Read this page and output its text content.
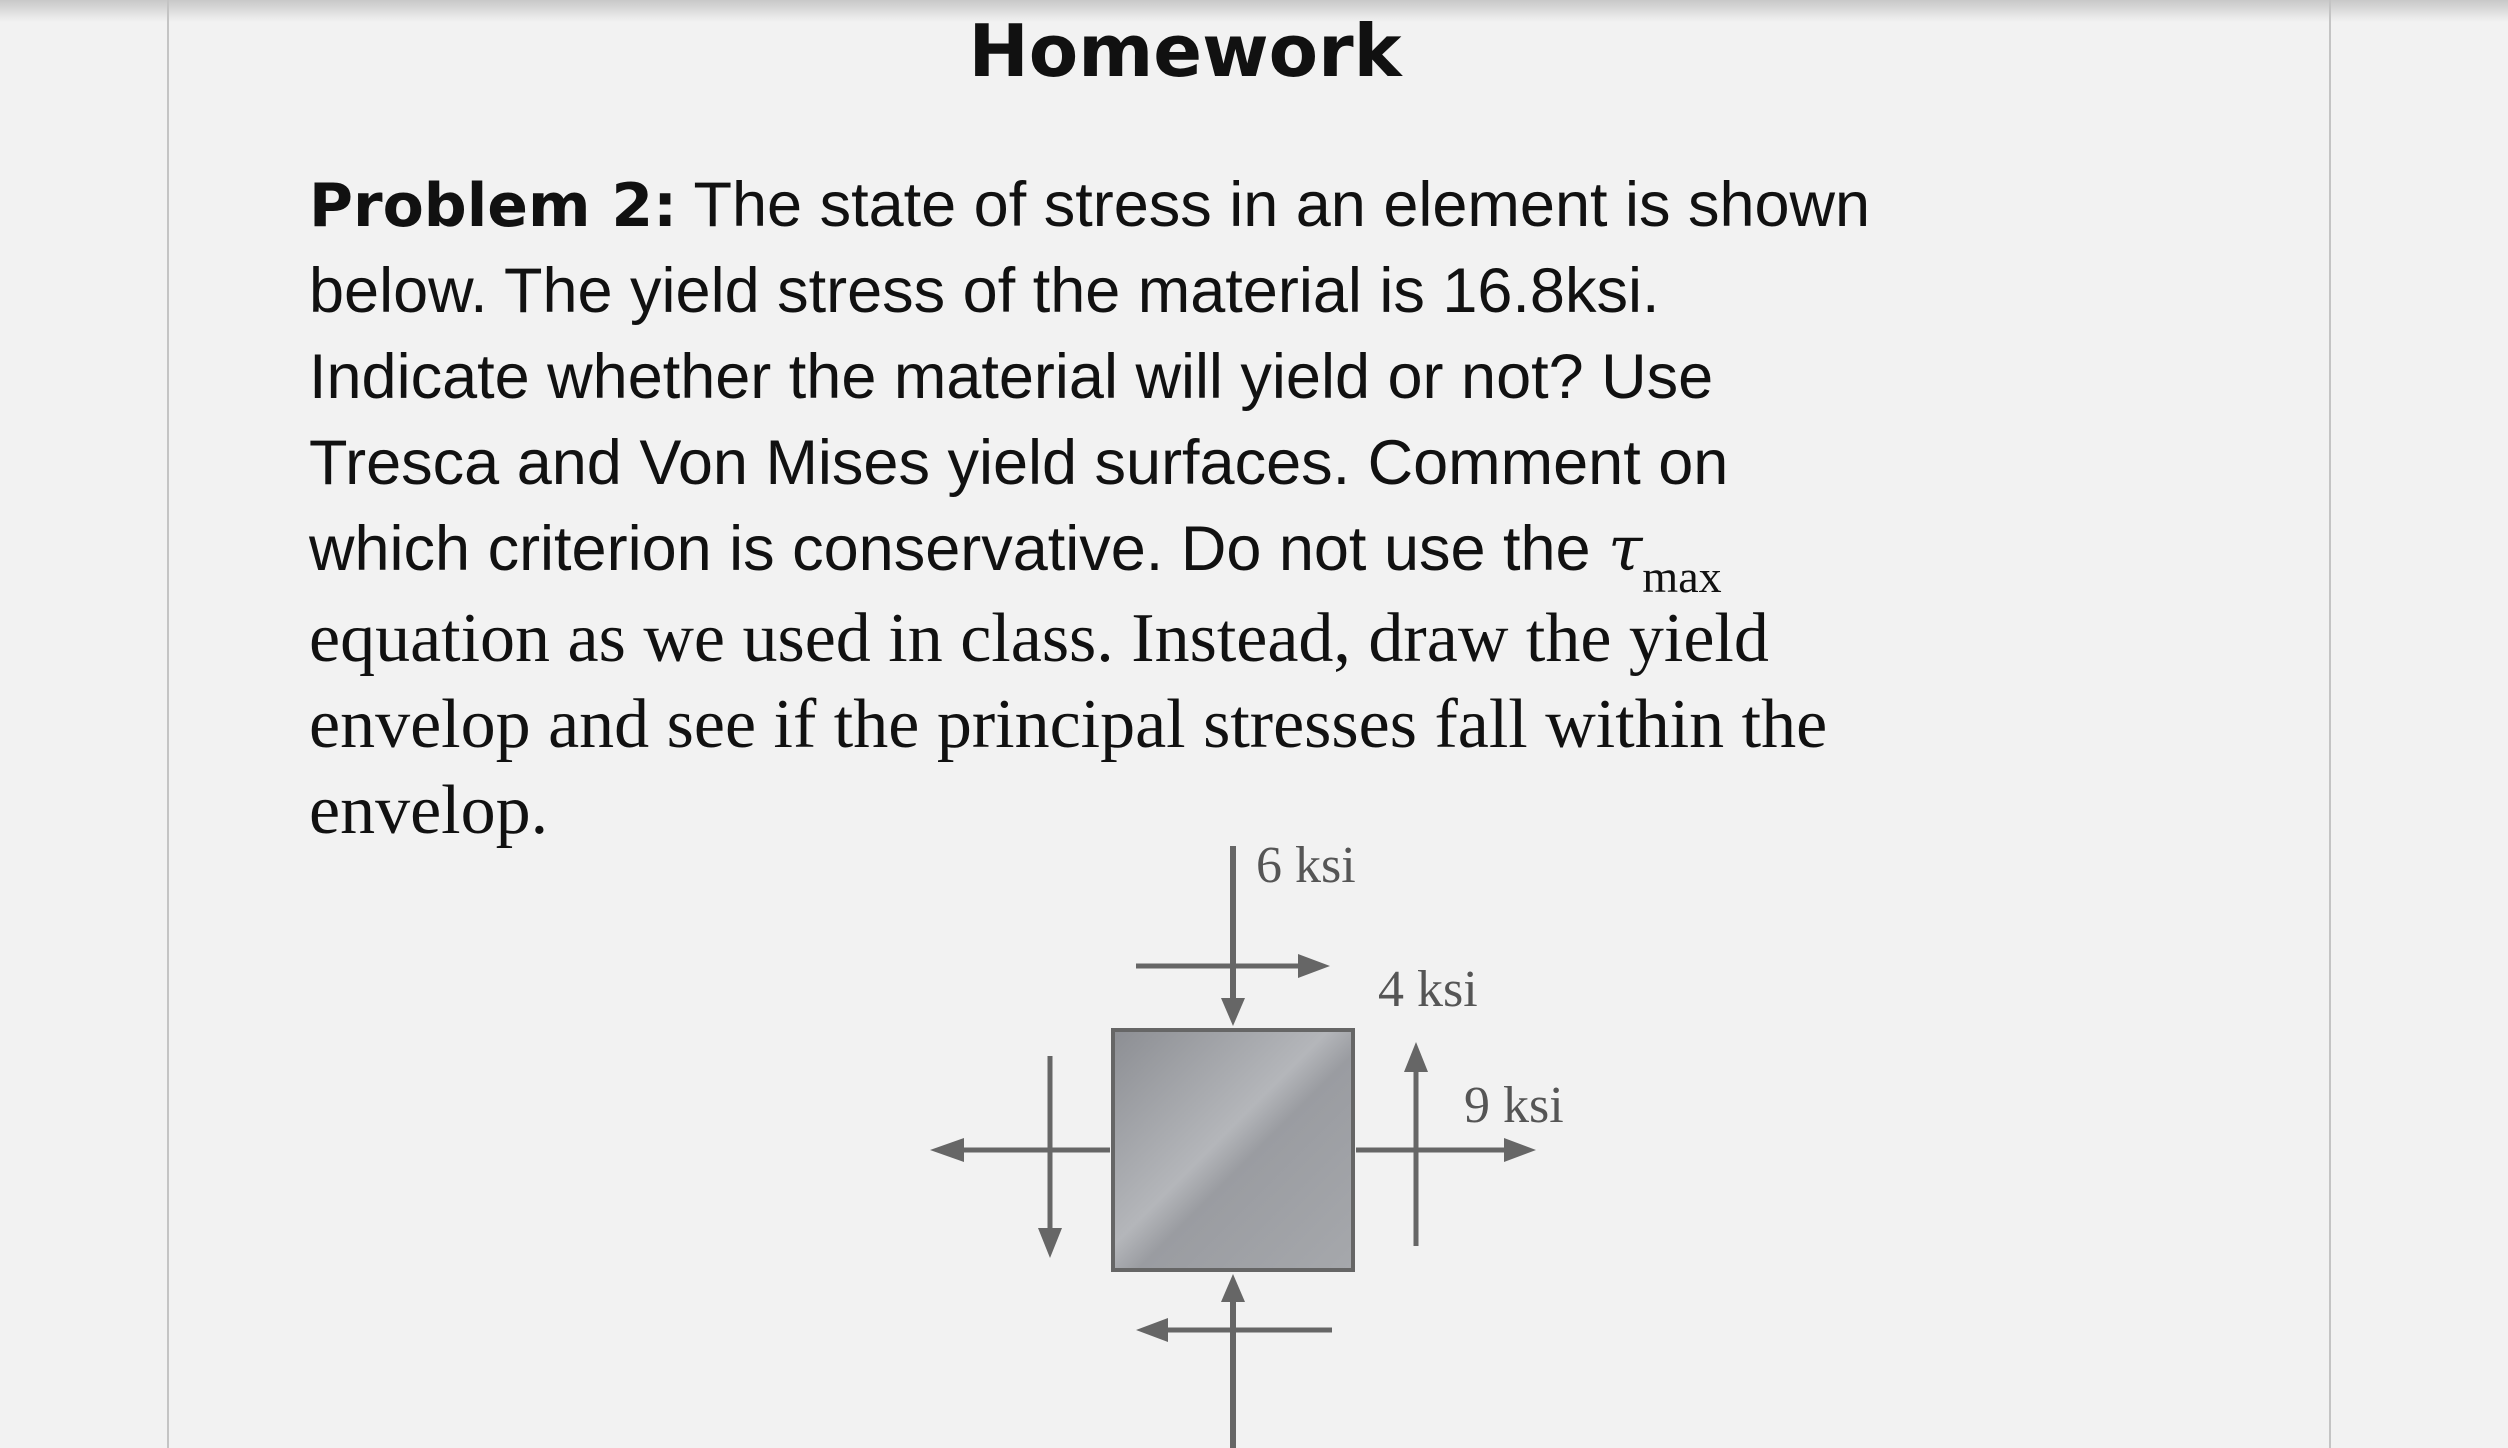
Homework
Problem 2: The state of stress in an element is shown
below. The yield stress of the material is 16.8ksi.
Indicate whether the material will yield or not? Use
Tresca and Von Mises yield surfaces. Comment on
which criterion is conservative. Do not use the $\tau_{max}$
equation as we used in class. Instead, draw the yield
envelop and see if the principal stresses fall within the
envelop.
6 ksi
4 ksi
9 ksi
